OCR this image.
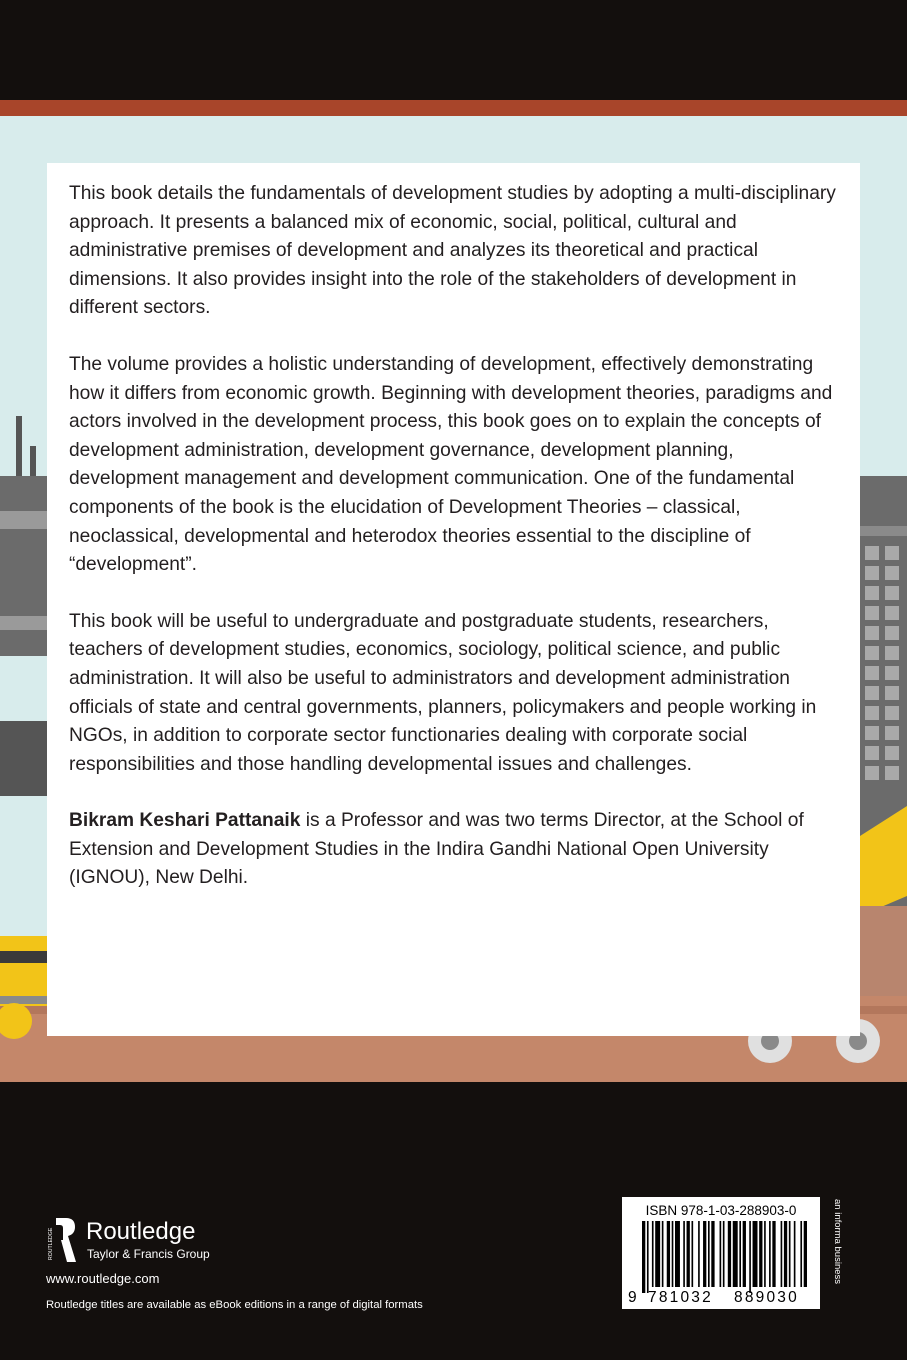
This book details the fundamentals of development studies by adopting a multi-disciplinary approach. It presents a balanced mix of economic, social, political, cultural and administrative premises of development and analyzes its theoretical and practical dimensions. It also provides insight into the role of the stakeholders of development in different sectors.

The volume provides a holistic understanding of development, effectively demonstrating how it differs from economic growth. Beginning with development theories, paradigms and actors involved in the development process, this book goes on to explain the concepts of development administration, development governance, development planning, development management and development communication. One of the fundamental components of the book is the elucidation of Development Theories – classical, neoclassical, developmental and heterodox theories essential to the discipline of “development”.

This book will be useful to undergraduate and postgraduate students, researchers, teachers of development studies, economics, sociology, political science, and public administration. It will also be useful to administrators and development administration officials of state and central governments, planners, policymakers and people working in NGOs, in addition to corporate sector functionaries dealing with corporate social responsibilities and those handling developmental issues and challenges.

Bikram Keshari Pattanaik is a Professor and was two terms Director, at the School of Extension and Development Studies in the Indira Gandhi National Open University (IGNOU), New Delhi.

ROUTLEDGE Routledge
Taylor & Francis Group
www.routledge.com
Routledge titles are available as eBook editions in a range of digital formats
ISBN 978-1-03-288903-0
9 781032 889030
an informa business
